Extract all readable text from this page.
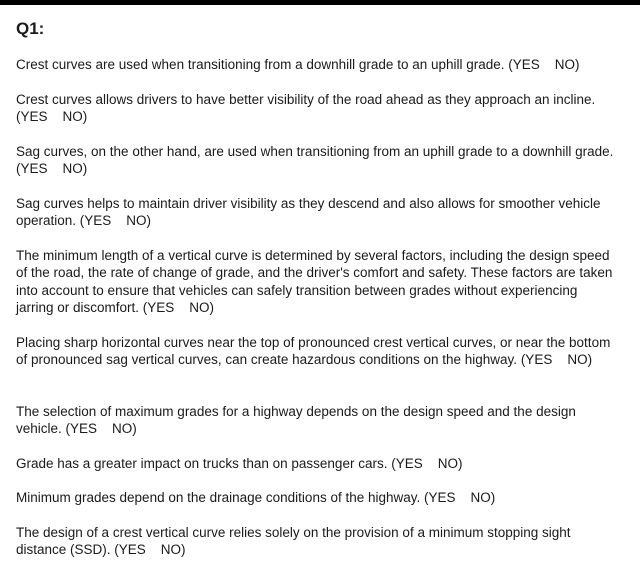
Q1:

Crest curves are used when transitioning from a downhill grade to an uphill grade. (YES    NO)

Crest curves allows drivers to have better visibility of the road ahead as they approach an incline. (YES    NO)

Sag curves, on the other hand, are used when transitioning from an uphill grade to a downhill grade. (YES    NO)

Sag curves helps to maintain driver visibility as they descend and also allows for smoother vehicle operation. (YES    NO)

The minimum length of a vertical curve is determined by several factors, including the design speed of the road, the rate of change of grade, and the driver's comfort and safety. These factors are taken into account to ensure that vehicles can safely transition between grades without experiencing jarring or discomfort. (YES    NO)

Placing sharp horizontal curves near the top of pronounced crest vertical curves, or near the bottom of pronounced sag vertical curves, can create hazardous conditions on the highway. (YES    NO)

The selection of maximum grades for a highway depends on the design speed and the design vehicle. (YES    NO)

Grade has a greater impact on trucks than on passenger cars. (YES    NO)

Minimum grades depend on the drainage conditions of the highway. (YES    NO)

The design of a crest vertical curve relies solely on the provision of a minimum stopping sight distance (SSD). (YES    NO)
